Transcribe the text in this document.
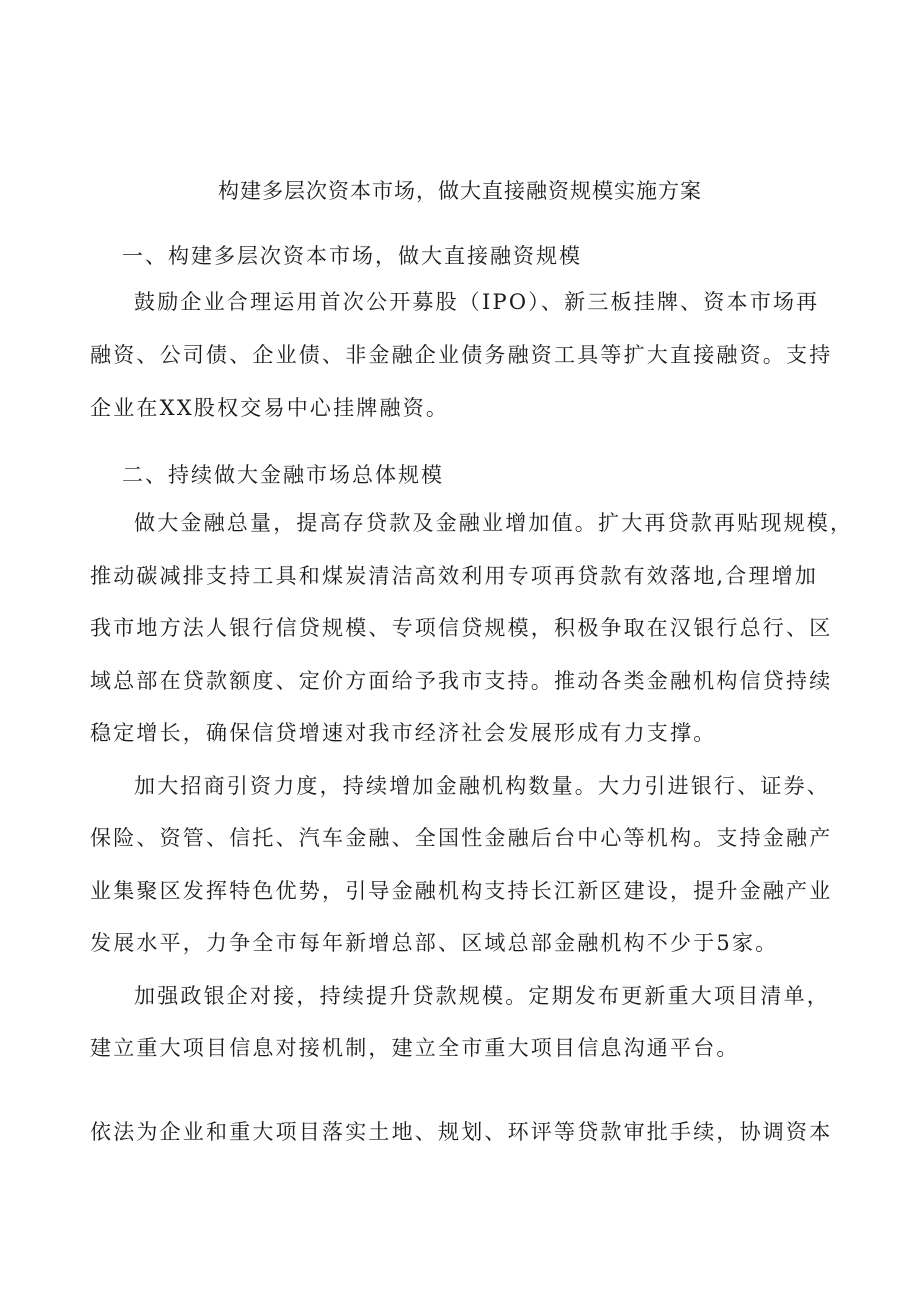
构建多层次资本市场，做大直接融资规模实施方案
一、构建多层次资本市场，做大直接融资规模
鼓励企业合理运用首次公开募股（IPO）、新三板挂牌、资本市场再
融资、公司债、企业债、非金融企业债务融资工具等扩大直接融资。支持
企业在XX股权交易中心挂牌融资。
二、持续做大金融市场总体规模
做大金融总量，提高存贷款及金融业增加值。扩大再贷款再贴现规模，
推动碳减排支持工具和煤炭清洁高效利用专项再贷款有效落地,合理增加
我市地方法人银行信贷规模、专项信贷规模，积极争取在汉银行总行、区
域总部在贷款额度、定价方面给予我市支持。推动各类金融机构信贷持续
稳定增长，确保信贷增速对我市经济社会发展形成有力支撑。
加大招商引资力度，持续增加金融机构数量。大力引进银行、证券、
保险、资管、信托、汽车金融、全国性金融后台中心等机构。支持金融产
业集聚区发挥特色优势，引导金融机构支持长江新区建设，提升金融产业
发展水平，力争全市每年新增总部、区域总部金融机构不少于5家。
加强政银企对接，持续提升贷款规模。定期发布更新重大项目清单，
建立重大项目信息对接机制，建立全市重大项目信息沟通平台。
依法为企业和重大项目落实土地、规划、环评等贷款审批手续，协调资本
